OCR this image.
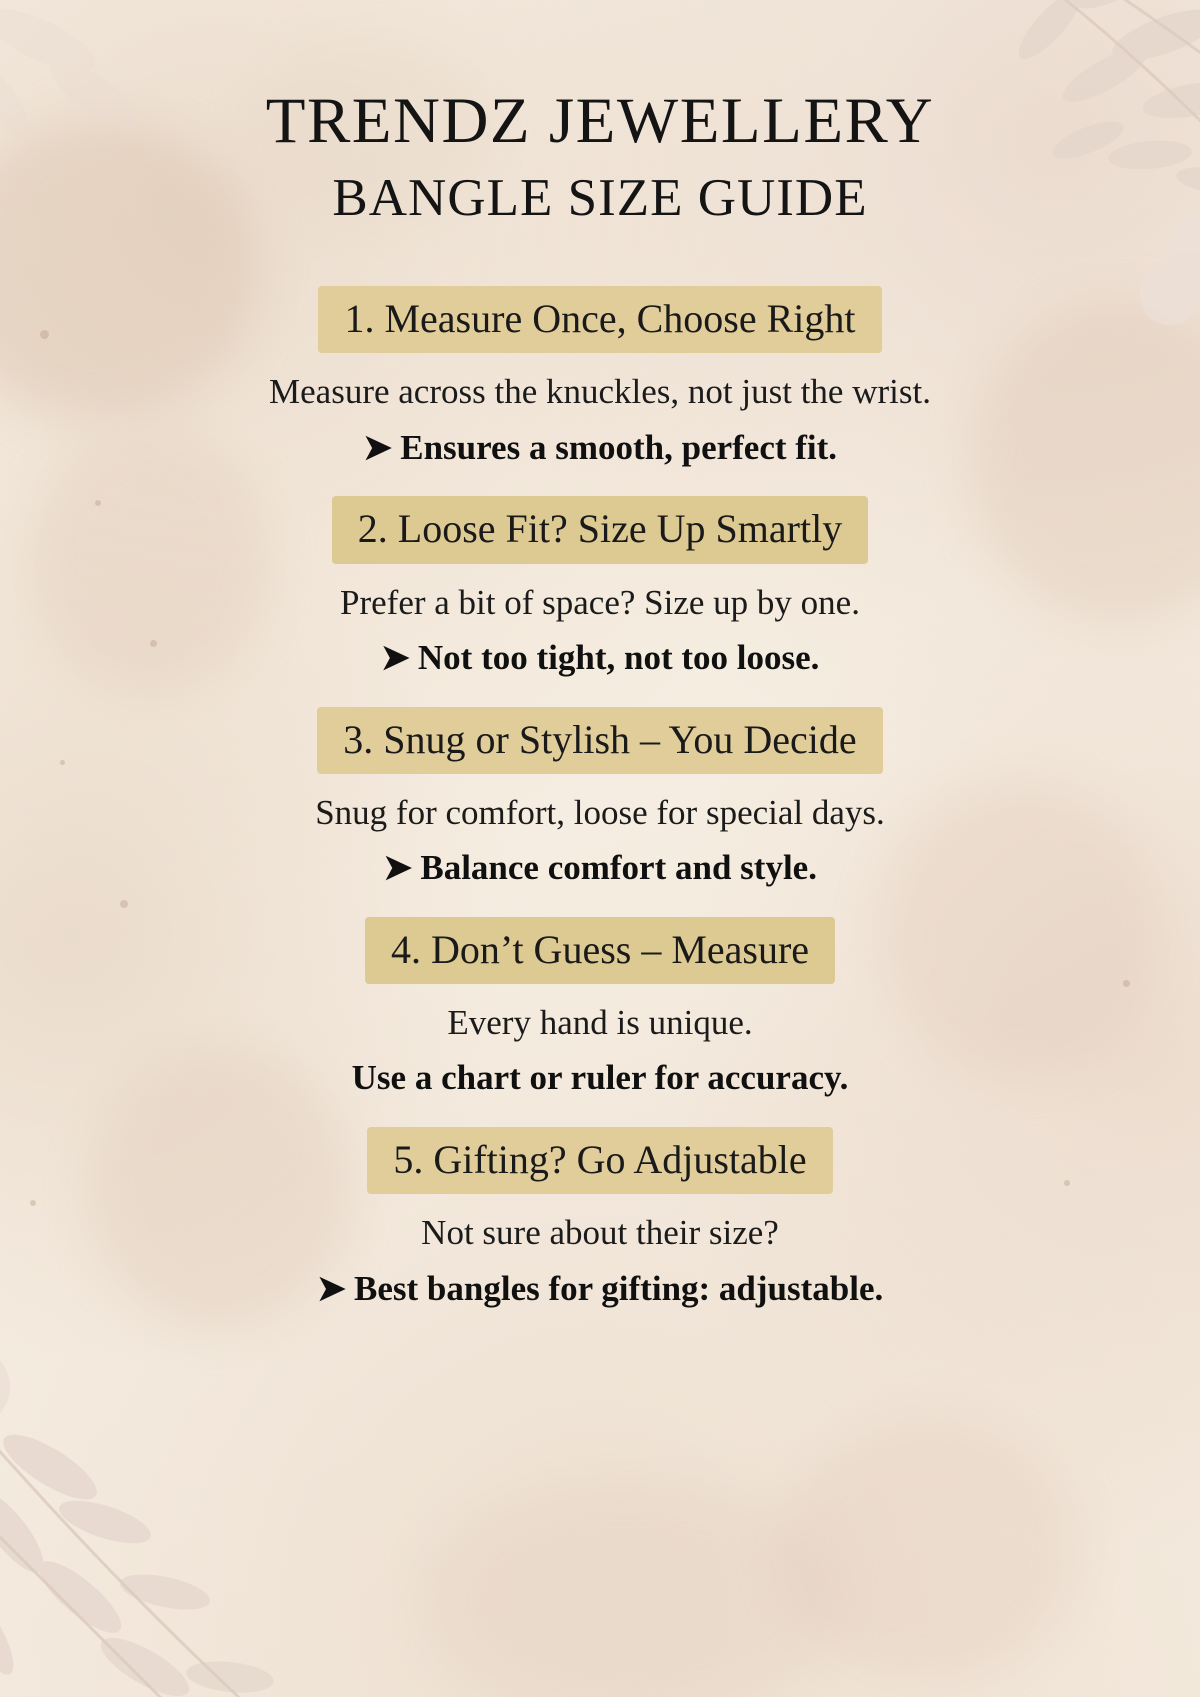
TRENDZ JEWELLERY
BANGLE SIZE GUIDE
1. Measure Once, Choose Right
Measure across the knuckles, not just the wrist.
➤ Ensures a smooth, perfect fit.
2. Loose Fit? Size Up Smartly
Prefer a bit of space? Size up by one.
➤ Not too tight, not too loose.
3. Snug or Stylish – You Decide
Snug for comfort, loose for special days.
➤ Balance comfort and style.
4. Don’t Guess – Measure
Every hand is unique.
Use a chart or ruler for accuracy.
5. Gifting? Go Adjustable
Not sure about their size?
➤ Best bangles for gifting: adjustable.
